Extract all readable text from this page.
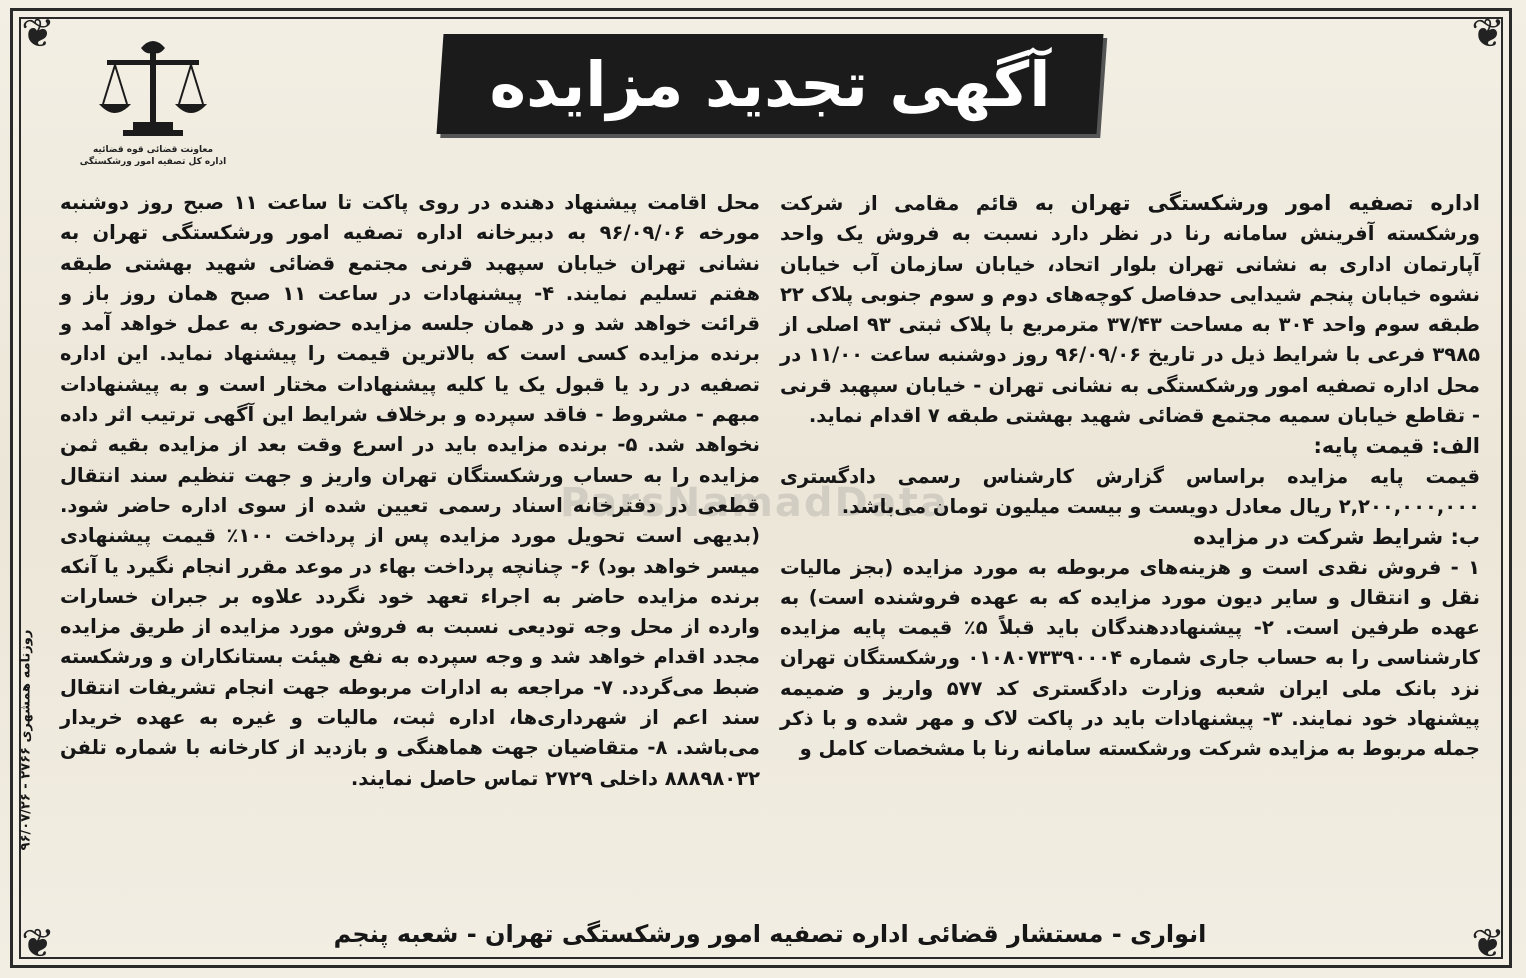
❦	❦
❦	❦
معاونت قضائی قوه قضائیه
اداره کل تصفیه امور ورشکستگی
آگهی تجدید مزایده
ParsNamadData
روزنامه همشهری ۲۷۶۶ - ۹۶/۰۷/۲۶

اداره تصفیه امور ورشکستگی تهران به قائم مقامی از شرکت ورشکسته آفرینش سامانه رنا در نظر دارد نسبت به فروش یک واحد آپارتمان اداری به نشانی تهران بلوار اتحاد، خیابان سازمان آب خیابان نشوه خیابان پنجم شیدایی حدفاصل کوچه‌های دوم و سوم جنوبی پلاک ۲۲ طبقه سوم واحد ۳۰۴ به مساحت ۳۷/۴۳ مترمربع با پلاک ثبتی ۹۳ اصلی از ۳۹۸۵ فرعی با شرایط ذیل در تاریخ ۹۶/۰۹/۰۶ روز دوشنبه ساعت ۱۱/۰۰ در محل اداره تصفیه امور ورشکستگی به نشانی تهران - خیابان سپهبد قرنی - تقاطع خیابان سمیه مجتمع قضائی شهید بهشتی طبقه ۷ اقدام نماید.

الف: قیمت پایه:

قیمت پایه مزایده براساس گزارش کارشناس رسمی دادگستری ۲,۲۰۰,۰۰۰,۰۰۰ ریال معادل دویست و بیست میلیون تومان می‌باشد.

ب: شرایط شرکت در مزایده

۱ - فروش نقدی است و هزینه‌های مربوطه به مورد مزایده (بجز مالیات نقل و انتقال و سایر دیون مورد مزایده که به عهده فروشنده است) به عهده طرفین است. ۲- پیشنهاددهندگان باید قبلاً ۵٪ قیمت پایه مزایده کارشناسی را به حساب جاری شماره ۰۱۰۸۰۷۳۳۹۰۰۰۴ ورشکستگان تهران نزد بانک ملی ایران شعبه وزارت دادگستری کد ۵۷۷ واریز و ضمیمه پیشنهاد خود نمایند. ۳- پیشنهادات باید در پاکت لاک و مهر شده و با ذکر جمله مربوط به مزایده شرکت ورشکسته سامانه رنا با مشخصات کامل و

محل اقامت پیشنهاد دهنده در روی پاکت تا ساعت ۱۱ صبح روز دوشنبه مورخه ۹۶/۰۹/۰۶ به دبیرخانه اداره تصفیه امور ورشکستگی تهران به نشانی تهران خیابان سپهبد قرنی مجتمع قضائی شهید بهشتی طبقه هفتم تسلیم نمایند. ۴- پیشنهادات در ساعت ۱۱ صبح همان روز باز و قرائت خواهد شد و در همان جلسه مزایده حضوری به عمل خواهد آمد و برنده مزایده کسی است که بالاترین قیمت را پیشنهاد نماید. این اداره تصفیه در رد یا قبول یک یا کلیه پیشنهادات مختار است و به پیشنهادات مبهم - مشروط - فاقد سپرده و برخلاف شرایط این آگهی ترتیب اثر داده نخواهد شد. ۵- برنده مزایده باید در اسرع وقت بعد از مزایده بقیه ثمن مزایده را به حساب ورشکستگان تهران واریز و جهت تنظیم سند انتقال قطعی در دفترخانه اسناد رسمی تعیین شده از سوی اداره حاضر شود. (بدیهی است تحویل مورد مزایده پس از پرداخت ۱۰۰٪ قیمت پیشنهادی میسر خواهد بود) ۶- چنانچه پرداخت بهاء در موعد مقرر انجام نگیرد یا آنکه برنده مزایده حاضر به اجراء تعهد خود نگردد علاوه بر جبران خسارات وارده از محل وجه تودیعی نسبت به فروش مورد مزایده از طریق مزایده مجدد اقدام خواهد شد و وجه سپرده به نفع هیئت بستانکاران و ورشکسته ضبط می‌گردد. ۷- مراجعه به ادارات مربوطه جهت انجام تشریفات انتقال سند اعم از شهرداری‌ها، اداره ثبت، مالیات و غیره به عهده خریدار می‌باشد. ۸- متقاضیان جهت هماهنگی و بازدید از کارخانه با شماره تلفن ۸۸۸۹۸۰۳۲ داخلی ۲۷۲۹ تماس حاصل نمایند.

انواری - مستشار قضائی اداره تصفیه امور ورشکستگی تهران - شعبه پنجم
